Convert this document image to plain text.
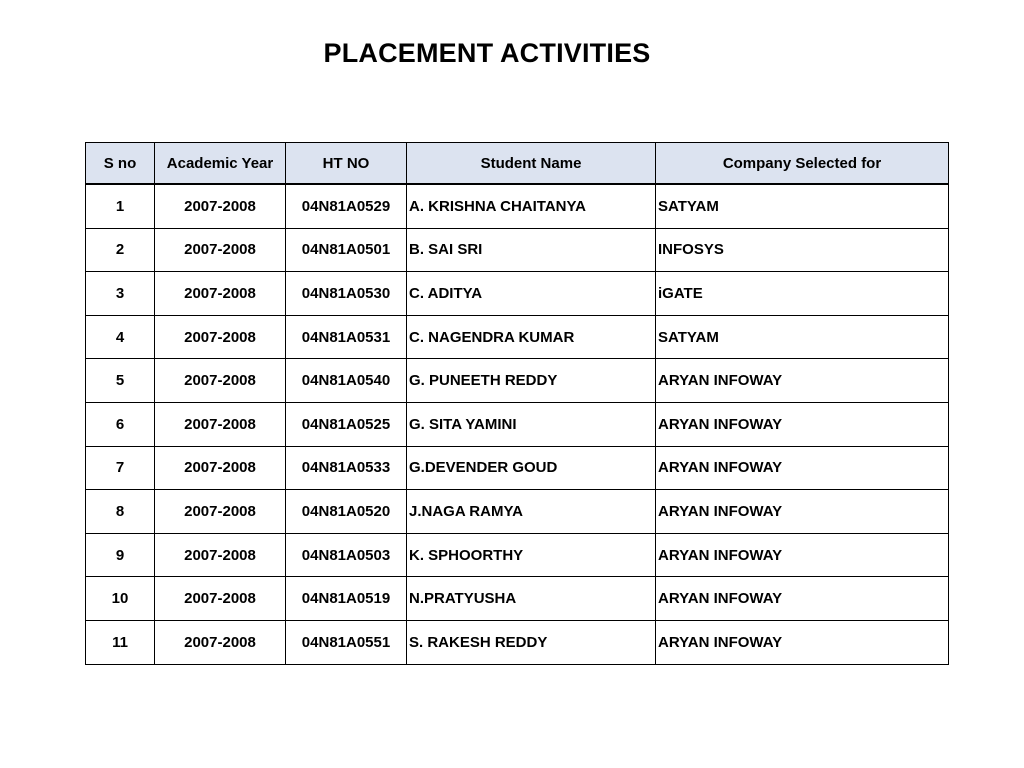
PLACEMENT ACTIVITIES
S no	Academic Year	HT NO	Student Name	Company Selected for
1	2007-2008	04N81A0529	A. KRISHNA CHAITANYA	SATYAM
2	2007-2008	04N81A0501	B. SAI SRI	INFOSYS
3	2007-2008	04N81A0530	C. ADITYA	iGATE
4	2007-2008	04N81A0531	C. NAGENDRA KUMAR	SATYAM
5	2007-2008	04N81A0540	G. PUNEETH REDDY	ARYAN INFOWAY
6	2007-2008	04N81A0525	G. SITA YAMINI	ARYAN INFOWAY
7	2007-2008	04N81A0533	G.DEVENDER GOUD	ARYAN INFOWAY
8	2007-2008	04N81A0520	J.NAGA RAMYA	ARYAN INFOWAY
9	2007-2008	04N81A0503	K. SPHOORTHY	ARYAN INFOWAY
10	2007-2008	04N81A0519	N.PRATYUSHA	ARYAN INFOWAY
11	2007-2008	04N81A0551	S. RAKESH REDDY	ARYAN INFOWAY
